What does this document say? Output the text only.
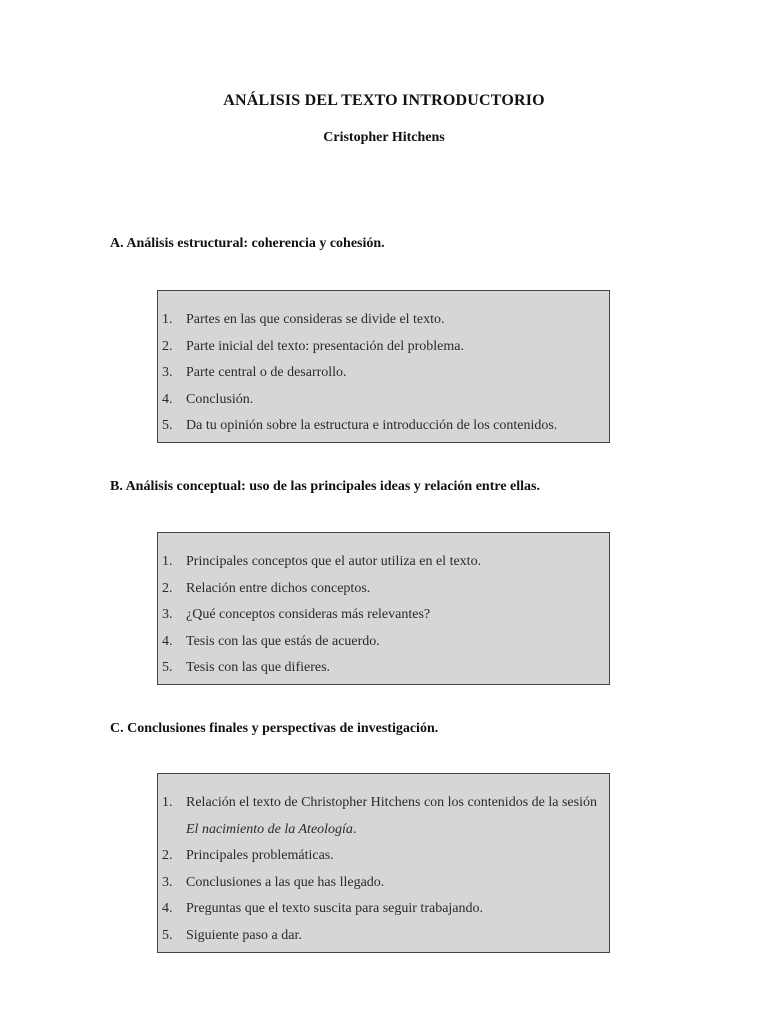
ANÁLISIS DEL TEXTO INTRODUCTORIO
Cristopher Hitchens
A. Análisis estructural: coherencia y cohesión.
1. Partes en las que consideras se divide el texto.
2. Parte inicial del texto: presentación del problema.
3. Parte central o de desarrollo.
4. Conclusión.
5. Da tu opinión sobre la estructura e introducción de los contenidos.
B. Análisis conceptual: uso de las principales ideas y relación entre ellas.
1. Principales conceptos que el autor utiliza en el texto.
2. Relación entre dichos conceptos.
3. ¿Qué conceptos consideras más relevantes?
4. Tesis con las que estás de acuerdo.
5. Tesis con las que difieres.
C. Conclusiones finales y perspectivas de investigación.
1. Relación el texto de Christopher Hitchens con los contenidos de la sesión El nacimiento de la Ateología.
2. Principales problemáticas.
3. Conclusiones a las que has llegado.
4. Preguntas que el texto suscita para seguir trabajando.
5. Siguiente paso a dar.
